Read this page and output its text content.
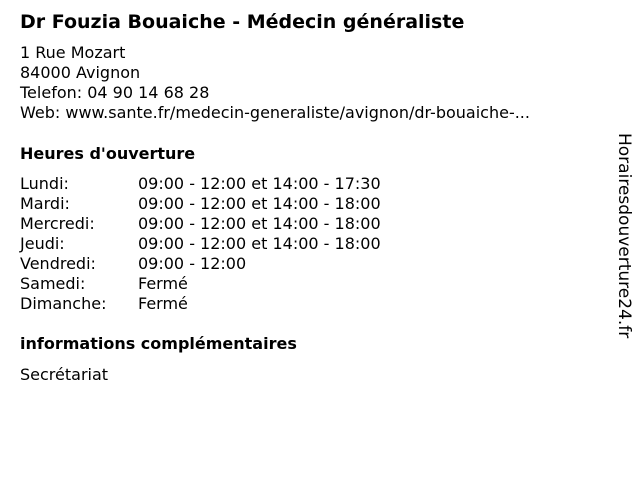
Dr Fouzia Bouaiche - Médecin généraliste
1 Rue Mozart
84000 Avignon
Telefon: 04 90 14 68 28
Web: www.sante.fr/medecin-generaliste/avignon/dr-bouaiche-...
Heures d'ouverture
Lundi:	09:00 - 12:00 et 14:00 - 17:30
Mardi:	09:00 - 12:00 et 14:00 - 18:00
Mercredi:	09:00 - 12:00 et 14:00 - 18:00
Jeudi:	09:00 - 12:00 et 14:00 - 18:00
Vendredi:	09:00 - 12:00
Samedi:	Fermé
Dimanche:	Fermé
informations complémentaires
Secrétariat
Horairesdouverture24.fr
